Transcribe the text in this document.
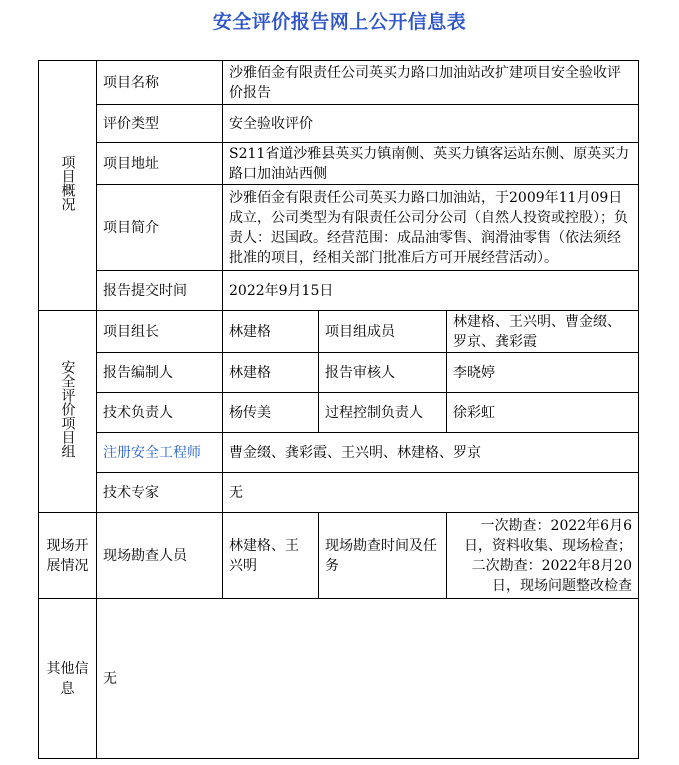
安全评价报告网上公开信息表
项目概况	项目名称	沙雅佰金有限责任公司英买力路口加油站改扩建项目安全验收评价报告		
	评价类型	安全验收评价		
	项目地址	S211省道沙雅县英买力镇南侧、英买力镇客运站东侧、原英买力路口加油站西侧		
	项目简介	沙雅佰金有限责任公司英买力路口加油站，于2009年11月09日成立，公司类型为有限责任公司分公司（自然人投资或控股）；负责人：迟国政。经营范围：成品油零售、润滑油零售（依法须经批准的项目，经相关部门批准后方可开展经营活动）。		
	报告提交时间	2022年9月15日		
安全评价项目组	项目组长	林建格	项目组成员	林建格、王兴明、曹金缀、罗京、龚彩霞
	报告编制人	林建格	报告审核人	李晓婷
	技术负责人	杨传美	过程控制负责人	徐彩虹
	注册安全工程师	曹金缀、龚彩霞、王兴明、林建格、罗京		
	技术专家	无		
现场开展情况	现场勘查人员	林建格、王兴明	现场勘查时间及任务	一次勘查：2022年6月6日，资料收集、现场检查；二次勘查：2022年8月20日，现场问题整改检查
其他信息	无			
